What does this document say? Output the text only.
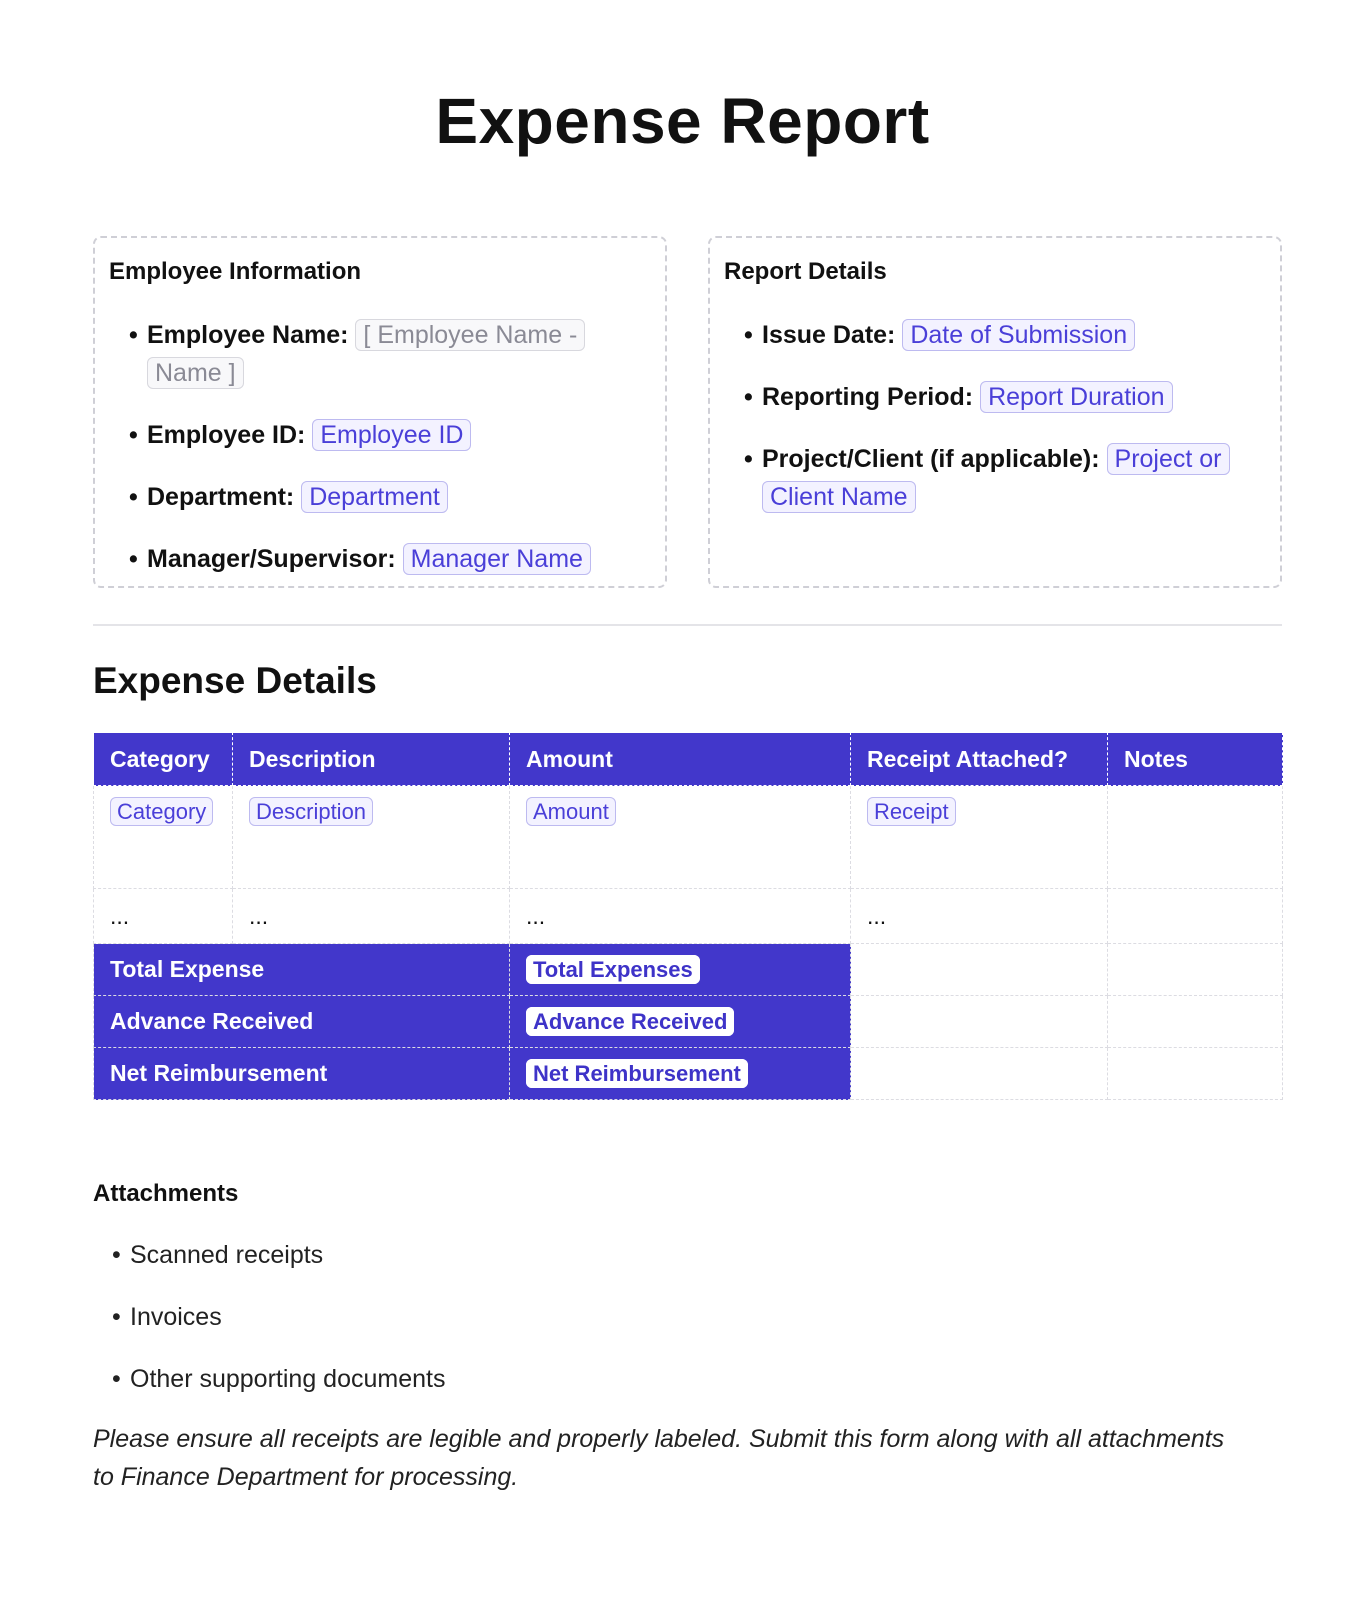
Expense Report
Employee Information
• Employee Name: [ Employee Name - Name ]
• Employee ID: Employee ID
• Department: Department
• Manager/Supervisor: Manager Name
Report Details
• Issue Date: Date of Submission
• Reporting Period: Report Duration
• Project/Client (if applicable): Project or Client Name
Expense Details
Category	Description	Amount	Receipt Attached?	Notes
Category	Description	Amount	Receipt	
...	...	...	...	
Total Expense		Total Expenses		
Advance Received		Advance Received		
Net Reimbursement		Net Reimbursement		
Attachments
• Scanned receipts
• Invoices
• Other supporting documents

Please ensure all receipts are legible and properly labeled. Submit this form along with all attachments to Finance Department for processing.
